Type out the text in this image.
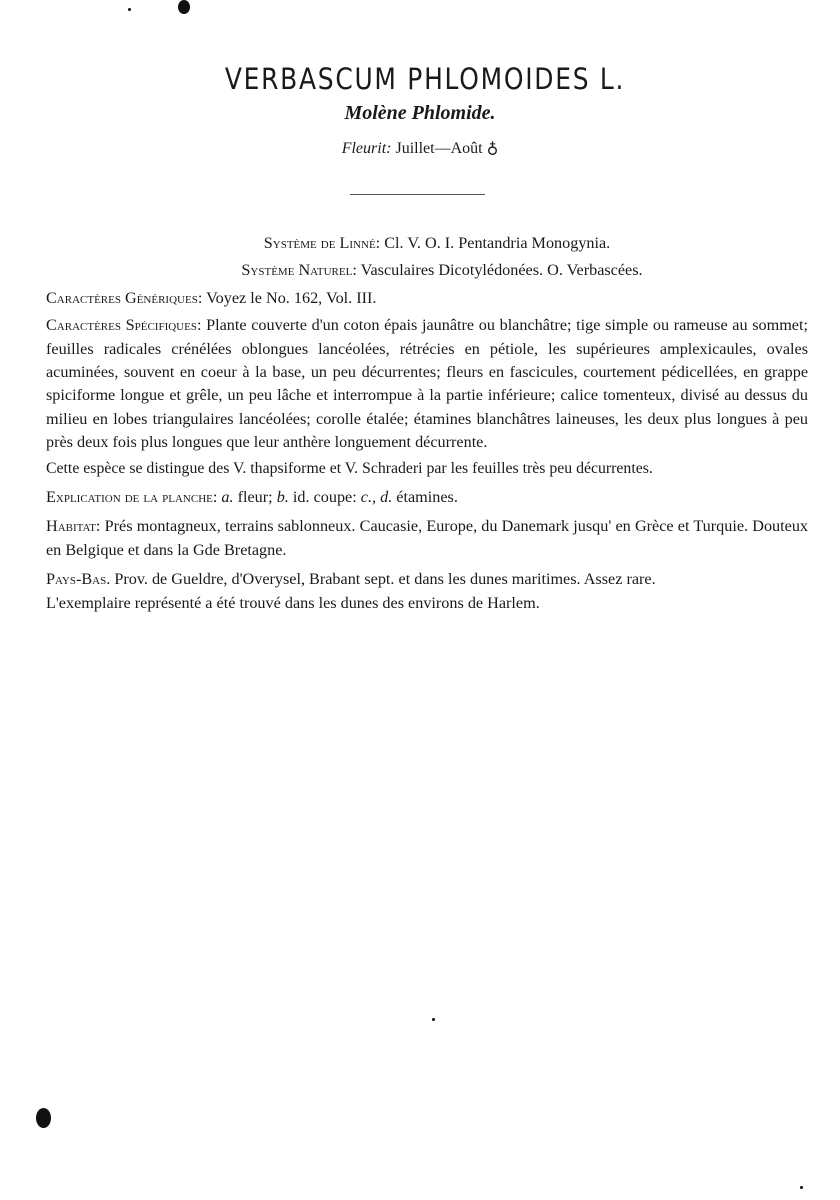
VERBASCUM PHLOMOIDES L.
Molène Phlomide.
Fleurit: Juillet—Août ♁

Système de Linné: Cl. V. O. I. Pentandria Monogynia.

Système Naturel: Vasculaires Dicotylédonées. O. Verbascées.

Caractères Génériques: Voyez le No. 162, Vol. III.

Caractères Spécifiques: Plante couverte d'un coton épais jaunâtre ou blanchâtre; tige simple ou rameuse au sommet; feuilles radicales crénélées oblongues lancéolées, rétrécies en pétiole, les supérieures amplexicaules, ovales acuminées, souvent en coeur à la base, un peu décurrentes; fleurs en fascicules, courtement pédicellées, en grappe spiciforme longue et grêle, un peu lâche et interrompue à la partie inférieure; calice tomenteux, divisé au dessus du milieu en lobes triangulaires lancéolées; corolle étalée; étamines blanchâtres laineuses, les deux plus longues à peu près deux fois plus longues que leur anthère longuement décurrente.

Cette espèce se distingue des V. thapsiforme et V. Schraderi par les feuilles très peu décurrentes.

Explication de la planche: a. fleur; b. id. coupe: c., d. étamines.

Habitat: Prés montagneux, terrains sablonneux. Caucasie, Europe, du Danemark jusqu' en Grèce et Turquie. Douteux en Belgique et dans la Gde Bretagne.

Pays-Bas. Prov. de Gueldre, d'Overysel, Brabant sept. et dans les dunes maritimes. Assez rare.

L'exemplaire représenté a été trouvé dans les dunes des environs de Harlem.
